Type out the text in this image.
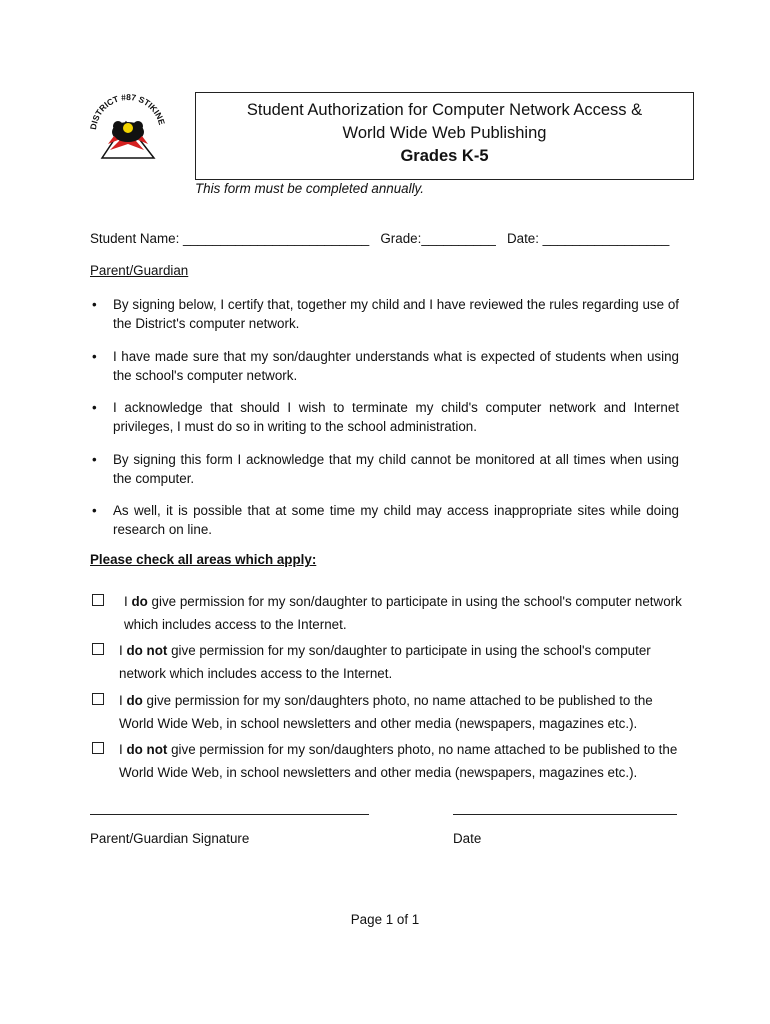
DISTRICT #87 STIKINE
Student Authorization for Computer Network Access &
World Wide Web Publishing
Grades K-5
This form must be completed annually.
Student Name: _________________________   Grade:__________   Date: _________________
Parent/Guardian
• By signing below, I certify that, together my child and I have reviewed the rules regarding use of the District's computer network.
• I have made sure that my son/daughter understands what is expected of students when using the school's computer network.
• I acknowledge that should I wish to terminate my child's computer network and Internet privileges, I must do so in writing to the school administration.
• By signing this form I acknowledge that my child cannot be monitored at all times when using the computer.
• As well, it is possible that at some time my child may access inappropriate sites while doing research on line.
Please check all areas which apply:
I do give permission for my son/daughter to participate in using the school's computer network which includes access to the Internet.
I do not give permission for my son/daughter to participate in using the school's computer network which includes access to the Internet.
I do give permission for my son/daughters photo, no name attached to be published to the World Wide Web, in school newsletters and other media (newspapers, magazines etc.).
I do not give permission for my son/daughters photo, no name attached to be published to the World Wide Web, in school newsletters and other media (newspapers, magazines etc.).
Parent/Guardian Signature	Date
Page 1 of 1
